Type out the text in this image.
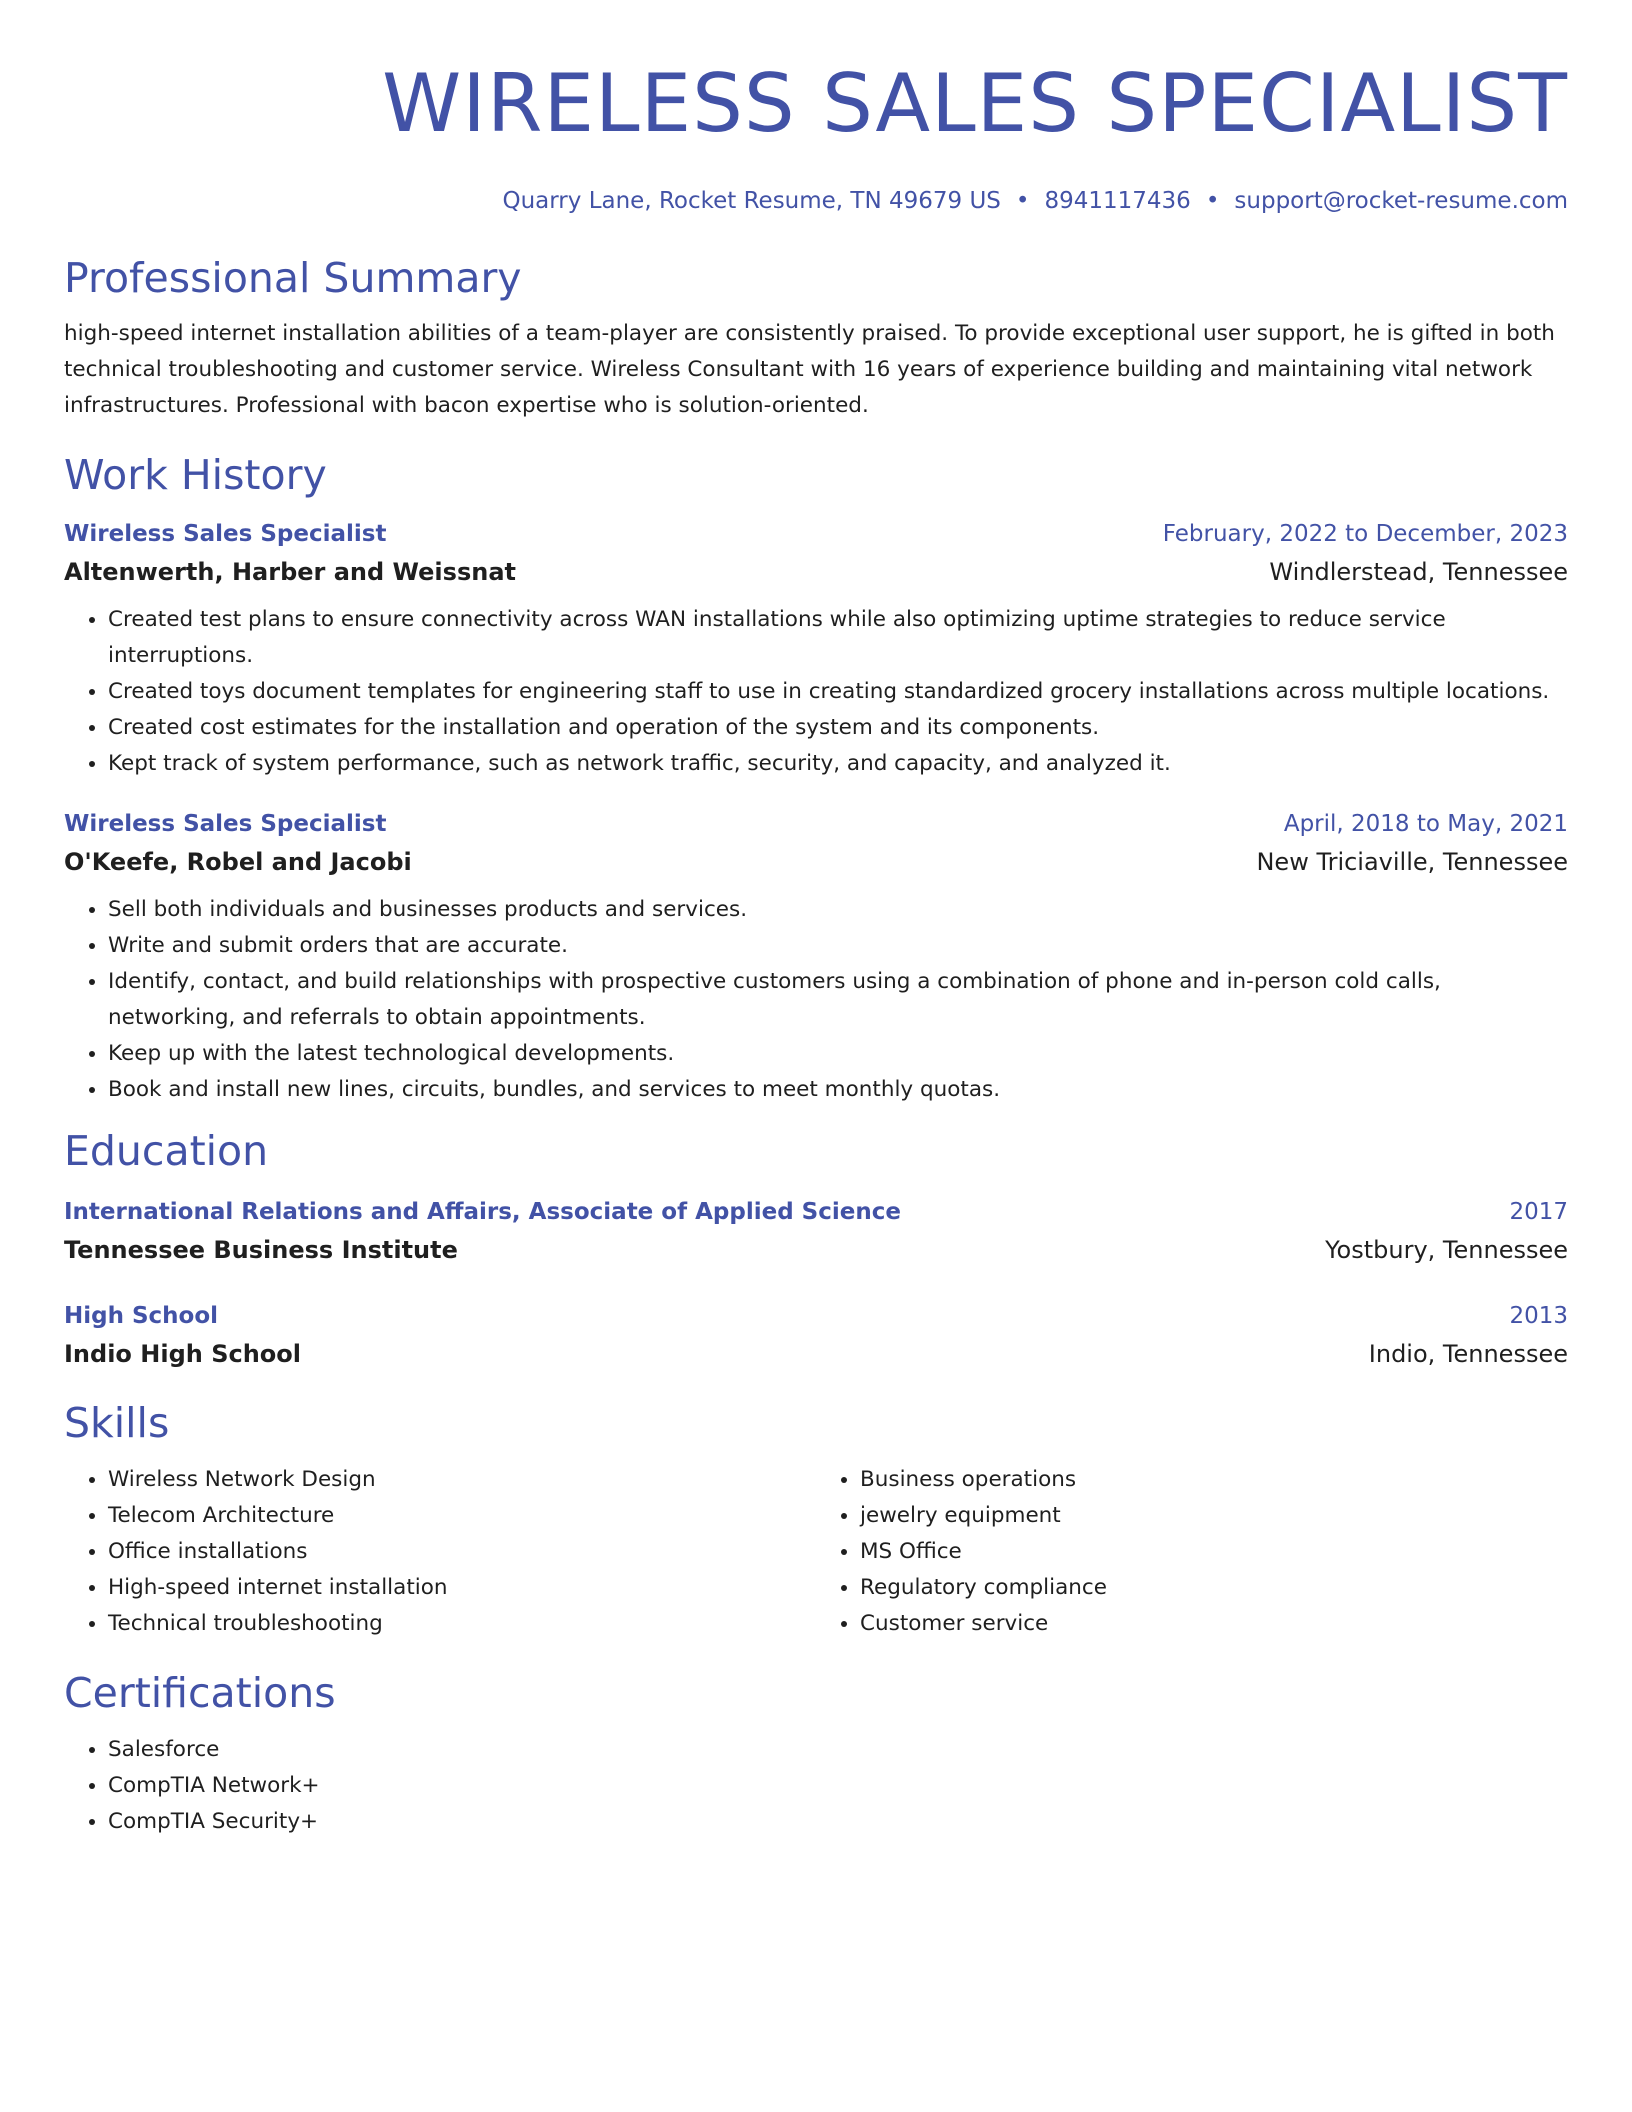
WIRELESS SALES SPECIALIST
Quarry Lane, Rocket Resume, TN 49679 US • 8941117436 • support@rocket-resume.com
Professional Summary
high-speed internet installation abilities of a team-player are consistently praised. To provide exceptional user support, he is gifted in both technical troubleshooting and customer service. Wireless Consultant with 16 years of experience building and maintaining vital network infrastructures. Professional with bacon expertise who is solution-oriented.
Work History
Wireless Sales Specialist	February, 2022 to December, 2023
Altenwerth, Harber and Weissnat	Windlerstead, Tennessee
• Created test plans to ensure connectivity across WAN installations while also optimizing uptime strategies to reduce service interruptions.
• Created toys document templates for engineering staff to use in creating standardized grocery installations across multiple locations.
• Created cost estimates for the installation and operation of the system and its components.
• Kept track of system performance, such as network traffic, security, and capacity, and analyzed it.
Wireless Sales Specialist	April, 2018 to May, 2021
O'Keefe, Robel and Jacobi	New Triciaville, Tennessee
• Sell both individuals and businesses products and services.
• Write and submit orders that are accurate.
• Identify, contact, and build relationships with prospective customers using a combination of phone and in-person cold calls, networking, and referrals to obtain appointments.
• Keep up with the latest technological developments.
• Book and install new lines, circuits, bundles, and services to meet monthly quotas.
Education
International Relations and Affairs, Associate of Applied Science	2017
Tennessee Business Institute	Yostbury, Tennessee
High School	2013
Indio High School	Indio, Tennessee
Skills
• Wireless Network Design
• Telecom Architecture
• Office installations
• High-speed internet installation
• Technical troubleshooting
• Business operations
• jewelry equipment
• MS Office
• Regulatory compliance
• Customer service
Certifications
• Salesforce
• CompTIA Network+
• CompTIA Security+
